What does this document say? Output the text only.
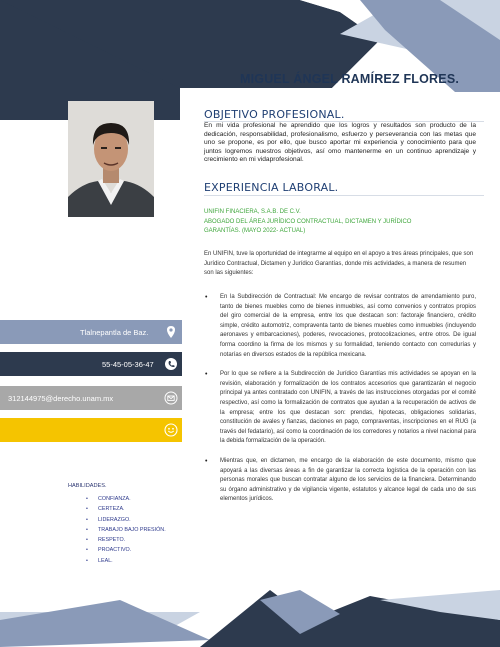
MIGUEL ÁNGEL RAMÍREZ FLORES.
OBJETIVO PROFESIONAL.
En mi vida profesional he aprendido que los logros y resultados son producto de la dedicación, responsabilidad, profesionalismo, esfuerzo y perseverancia con las metas que uno se propone, es por ello, que busco aportar mi experiencia y conocimiento para que juntos logremos nuestros objetivos, así omo mantenerme en un continuo aprendizaje y crecimiento en mi vidaprofesional.
EXPERIENCIA LABORAL.
UNIFIN FINACIERA, S.A.B. DE C.V.
ABOGADO DEL ÁREA JURÍDICO CONTRACTUAL, DICTAMEN Y JURÍDICO
GARANTÍAS. (MAYO 2022- ACTUAL)
En UNIFIN, tuve la oportunidad de integrarme al equipo en el apoyo a tres áreas principales, que son Jurídico Contractual, Dictamen y Jurídico Garantías, donde mis actividades, a manera de resumen son las siguientes:
• En la Subdirección de Contractual: Me encargo de revisar contratos de arrendamiento puro, tanto de bienes muebles como de bienes inmuebles, así como convenios y contratos propios del giro comercial de la empresa, entre los que destacan son: factoraje financiero, crédito simple, crédito automotriz, compraventa tanto de bienes muebles como inmuebles (incluyendo aeronaves y embarcaciones), poderes, revocaciones, protocolizaciones, entre otros. De igual forma coordino la firma de los mismos y su formalidad, teniendo contacto con corredurías y notarías en diversos estados de la república mexicana.
• Por lo que se refiere a la Subdirección de Jurídico Garantías mis actividades se apoyan en la revisión, elaboración y formalización de los contratos accesorios que garantizarán el negocio principal ya antes contratado con UNIFIN, a través de las instrucciones otorgadas por el comité respectivo, así como la formalización de contratos que ayudan a la recuperación de activos de la empresa; entre los que destacan son: prendas, hipotecas, obligaciones solidarias, constitución de avales y fianzas, daciones en pago, compraventas, inscripciones en el RUG (a través del fedatario), así como la coordinación de los corredores y notarios a nivel nacional para la debida formalización de la operación.
• Mientras que, en dictamen, me encargo de la elaboración de este documento, mismo que apoyará a las diversas áreas a fin de garantizar la correcta logística de la operación con las personas morales que buscan contratar alguno de los servicios de la financiera. Determinando su órgano administrativo y de vigilancia vigente, estatutos y alcance legal de cada uno de sus elementos jurídicos.
Tlalnepantla de Baz.
55-45-05-36-47
312144975@derecho.unam.mx
HABILIDADES.
• CONFIANZA.
• CERTEZA.
• LIDERAZGO.
• TRABAJO BAJO PRESIÓN.
• RESPETO.
• PROACTIVO.
• LEAL.
